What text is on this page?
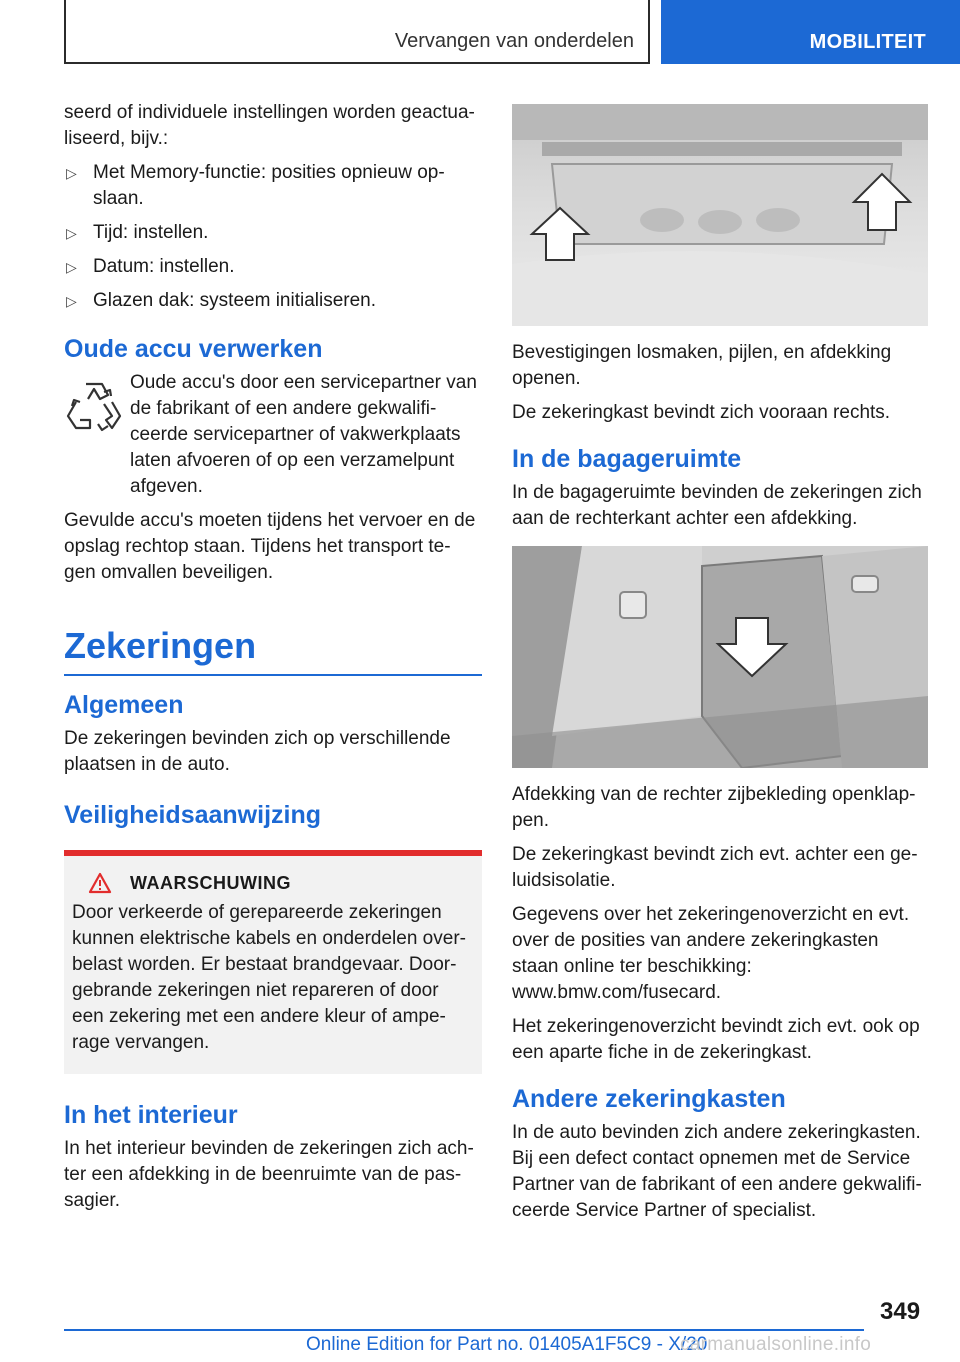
Vervangen van onderdelen	MOBILITEIT

seerd of individuele instellingen worden geactua-liseerd, bijv.:

▷ Met Memory-functie: posities opnieuw op-slaan.
▷ Tijd: instellen.
▷ Datum: instellen.
▷ Glazen dak: systeem initialiseren.
Oude accu verwerken

Oude accu's door een servicepartner van de fabrikant of een andere gekwalifi-ceerde servicepartner of vakwerkplaats laten afvoeren of op een verzamelpunt afgeven.

Gevulde accu's moeten tijdens het vervoer en de opslag rechtop staan. Tijdens het transport te-gen omvallen beveiligen.

Zekeringen
Algemeen

De zekeringen bevinden zich op verschillende plaatsen in de auto.

Veiligheidsaanwijzing
WAARSCHUWING

Door verkeerde of gerepareerde zekeringen kunnen elektrische kabels en onderdelen over-belast worden. Er bestaat brandgevaar. Door-gebrande zekeringen niet repareren of door een zekering met een andere kleur of ampe-rage vervangen.

In het interieur

In het interieur bevinden de zekeringen zich ach-ter een afdekking in de beenruimte van de pas-sagier.

Bevestigingen losmaken, pijlen, en afdekking openen.

De zekeringkast bevindt zich vooraan rechts.

In de bagageruimte

In de bagageruimte bevinden de zekeringen zich aan de rechterkant achter een afdekking.

Afdekking van de rechter zijbekleding openklap-pen.

De zekeringkast bevindt zich evt. achter een ge-luidsisolatie.

Gegevens over het zekeringenoverzicht en evt. over de posities van andere zekeringkasten staan online ter beschikking: www.bmw.com/fusecard.

Het zekeringenoverzicht bevindt zich evt. ook op een aparte fiche in de zekeringkast.

Andere zekeringkasten

In de auto bevinden zich andere zekeringkasten. Bij een defect contact opnemen met de Service Partner van de fabrikant of een andere gekwalifi-ceerde Service Partner of specialist.

349
Online Edition for Part no. 01405A1F5C9 - X/20
carmanualsonline.info
